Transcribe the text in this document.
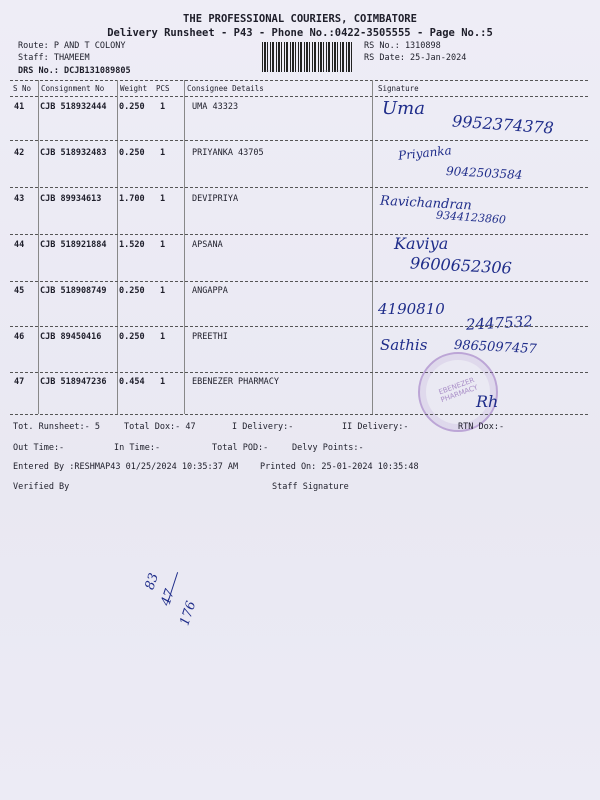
THE PROFESSIONAL COURIERS, COIMBATORE
Delivery Runsheet - P43 - Phone No.:0422-3505555 - Page No.:5
Route: P AND T COLONY
Staff: THAMEEM
DRS No.: DCJB131089805
RS No.: 1310898
RS Date: 25-Jan-2024
S No Consignment No Weight PCS Consignee Details	Signature
41 CJB 518932444 0.250 1	UMA 43323	Uma
9952374378
42 CJB 518932483 0.250 1	PRIYANKA 43705	Priyanka
9042503584
43 CJB 89934613 1.700 1	DEVIPRIYA	Ravichandran
9344123860
44 CJB 518921884 1.520 1	APSANA	Kaviya
9600652306
45 CJB 518908749 0.250 1	ANGAPPA
4190810
2447532
46 CJB 89450416 0.250 1	PREETHI	Sathis 9865097457
47 CJB 518947236 0.454 1	EBENEZER PHARMACY	EBENEZER PHARMACY
Rh
Tot. Runsheet:- 5	Total Dox:- 47	I Delivery:-	II Delivery:-	RTN Dox:-
Out Time:-	In Time:-	Total POD:-	Delvy Points:-
Entered By :RESHMAP43 01/25/2024 10:35:37 AM	Printed On: 25-01-2024 10:35:48
Verified By	Staff Signature
83
47
176
